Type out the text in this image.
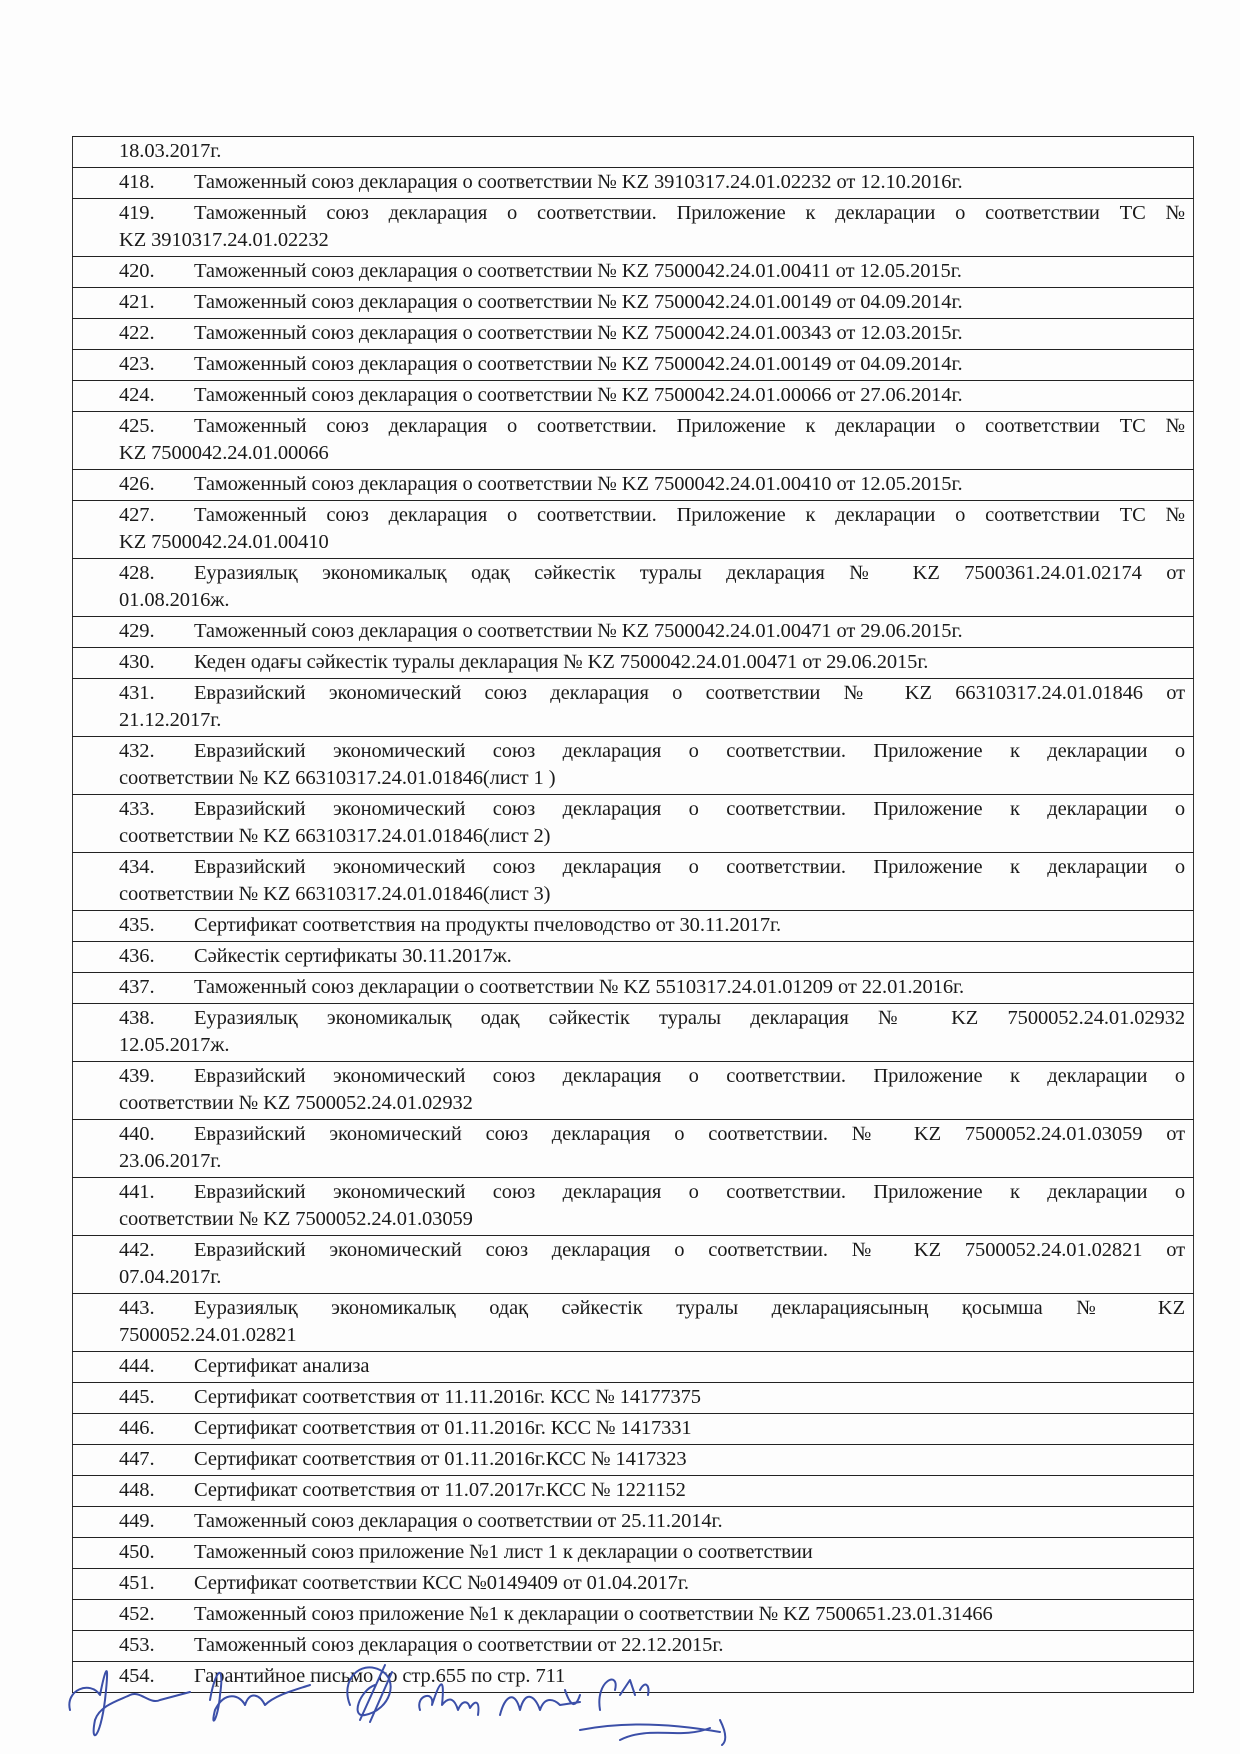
18.03.2017г.

418. Таможенный союз декларация о соответствии № KZ 3910317.24.01.02232 от 12.10.2016г.

419. Таможенный союз декларация о соответствии. Приложение к декларации о соответствии ТС №
KZ 3910317.24.01.02232

420. Таможенный союз декларация о соответствии № KZ 7500042.24.01.00411 от 12.05.2015г.

421. Таможенный союз декларация о соответствии № KZ 7500042.24.01.00149 от 04.09.2014г.

422. Таможенный союз декларация о соответствии № KZ 7500042.24.01.00343 от 12.03.2015г.

423. Таможенный союз декларация о соответствии № KZ 7500042.24.01.00149 от 04.09.2014г.

424. Таможенный союз декларация о соответствии № KZ 7500042.24.01.00066 от 27.06.2014г.

425. Таможенный союз декларация о соответствии. Приложение к декларации о соответствии ТС №
KZ 7500042.24.01.00066

426. Таможенный союз декларация о соответствии № KZ 7500042.24.01.00410 от 12.05.2015г.

427. Таможенный союз декларация о соответствии. Приложение к декларации о соответствии ТС №
KZ 7500042.24.01.00410

428. Еуразиялық экономикалық одақ сәйкестік туралы декларация № KZ 7500361.24.01.02174 от
01.08.2016ж.

429. Таможенный союз декларация о соответствии № KZ 7500042.24.01.00471 от 29.06.2015г.

430. Кеден одағы сәйкестік туралы декларация № KZ 7500042.24.01.00471 от 29.06.2015г.

431. Евразийский экономический союз декларация о соответствии № KZ 66310317.24.01.01846 от
21.12.2017г.

432. Евразийский экономический союз декларация о соответствии. Приложение к декларации о
соответствии № KZ 66310317.24.01.01846(лист 1 )

433. Евразийский экономический союз декларация о соответствии. Приложение к декларации о
соответствии № KZ 66310317.24.01.01846(лист 2)

434. Евразийский экономический союз декларация о соответствии. Приложение к декларации о
соответствии № KZ 66310317.24.01.01846(лист 3)

435. Сертификат соответствия на продукты пчеловодство от 30.11.2017г.

436. Сәйкестік сертификаты 30.11.2017ж.

437. Таможенный союз декларации о соответствии № KZ 5510317.24.01.01209 от 22.01.2016г.

438. Еуразиялық экономикалық одақ сәйкестік туралы декларация № KZ 7500052.24.01.02932
12.05.2017ж.

439. Евразийский экономический союз декларация о соответствии. Приложение к декларации о
соответствии № KZ 7500052.24.01.02932

440. Евразийский экономический союз декларация о соответствии. № KZ 7500052.24.01.03059 от
23.06.2017г.

441. Евразийский экономический союз декларация о соответствии. Приложение к декларации о
соответствии № KZ 7500052.24.01.03059

442. Евразийский экономический союз декларация о соответствии. № KZ 7500052.24.01.02821 от
07.04.2017г.

443. Еуразиялық экономикалық одақ сәйкестік туралы декларациясының қосымша № KZ
7500052.24.01.02821

444. Сертификат анализа

445. Сертификат соответствия от 11.11.2016г. КСС № 14177375

446. Сертификат соответствия от 01.11.2016г. КСС № 1417331

447. Сертификат соответствия от 01.11.2016г.КСС № 1417323

448. Сертификат соответствия от 11.07.2017г.КСС № 1221152

449. Таможенный союз декларация о соответствии от 25.11.2014г.

450. Таможенный союз приложение №1 лист 1 к декларации о соответствии

451. Сертификат соответствии КСС №0149409 от 01.04.2017г.

452. Таможенный союз приложение №1 к декларации о соответствии № KZ 7500651.23.01.31466

453. Таможенный союз декларация о соответствии от 22.12.2015г.

454. Гарантийное письмо со стр.655 по стр. 711
